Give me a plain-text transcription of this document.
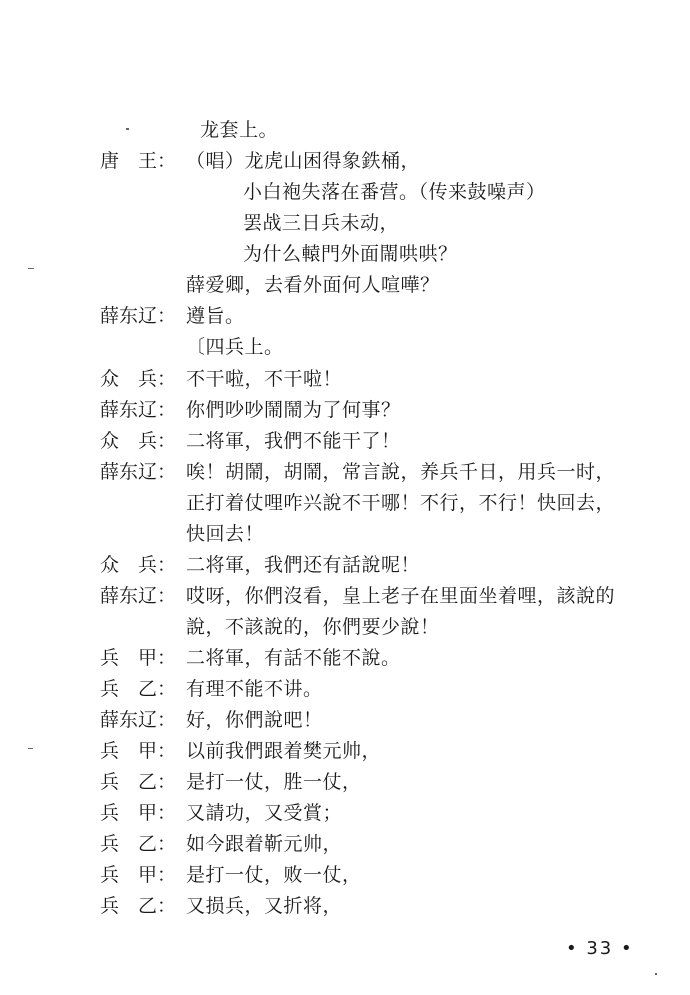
龙套上。
唐　王： （唱）龙虎山困得象鉄桶，
小白袍失落在番营。（传来鼓噪声）
罢战三日兵未动，
为什么轅門外面閙哄哄？
薛爱卿，去看外面何人喧嘩？
薛东辽： 遵旨。
〔四兵上。
众　兵： 不干啦，不干啦！
薛东辽： 你們吵吵鬧鬧为了何事？
众　兵： 二将軍，我們不能干了！
薛东辽： 唉！胡鬧，胡鬧，常言說，养兵千日，用兵一时，
正打着仗哩咋兴說不干哪！不行，不行！快回去，
快回去！
众　兵： 二将軍，我們还有話說呢！
薛东辽： 哎呀，你們沒看，皇上老子在里面坐着哩，該說的
說，不該說的，你們要少說！
兵　甲： 二将軍，有話不能不說。
兵　乙： 有理不能不讲。
薛东辽： 好，你們說吧！
兵　甲： 以前我們跟着樊元帅，
兵　乙： 是打一仗，胜一仗，
兵　甲： 又請功，又受賞；
兵　乙： 如今跟着靳元帅，
兵　甲： 是打一仗，败一仗，
兵　乙： 又损兵，又折将，
• 33 •
